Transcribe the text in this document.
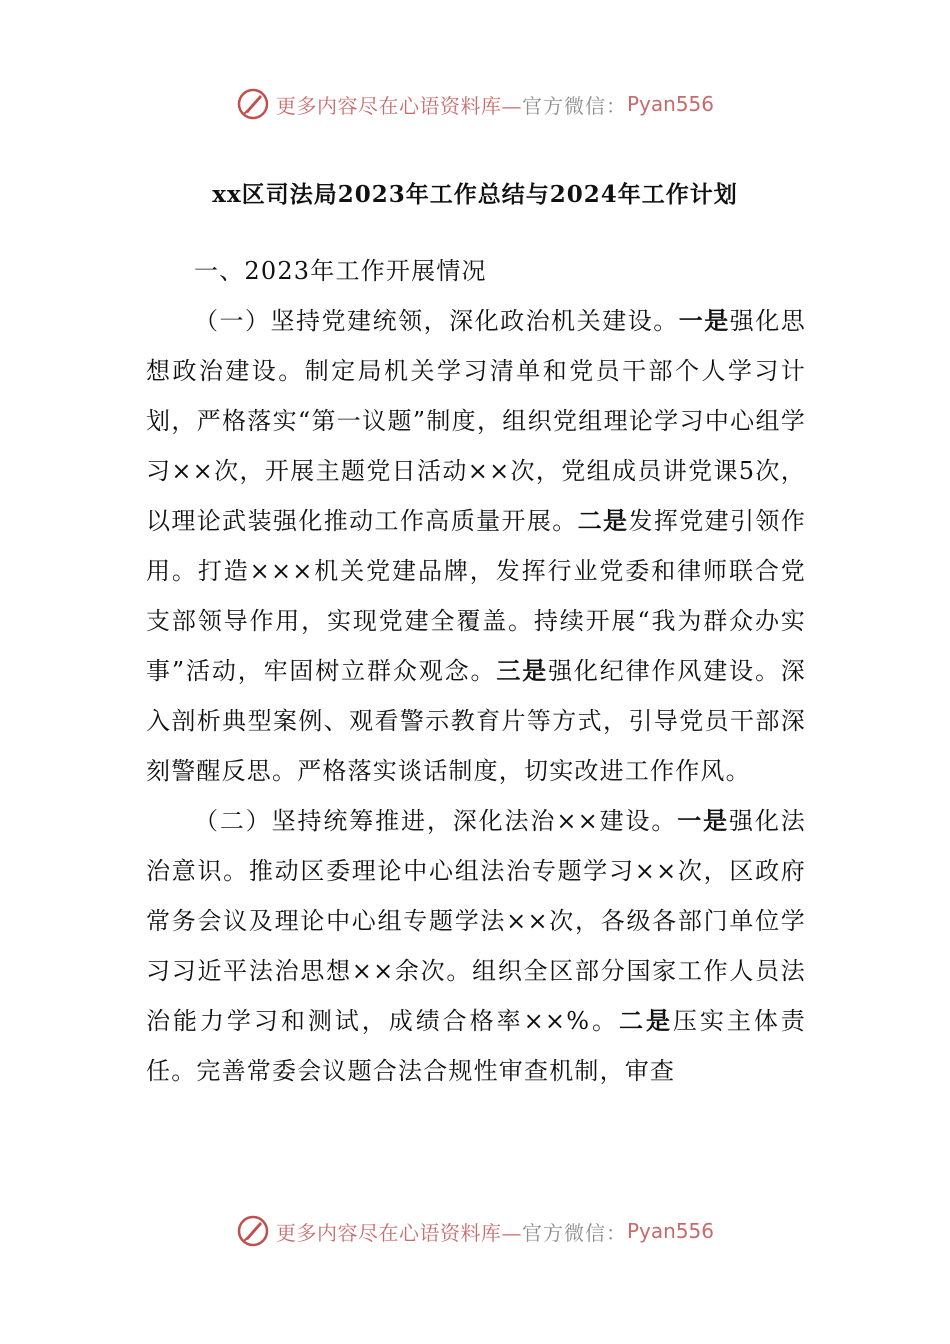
更多内容尽在心语资料库— 官方微信： Pyan556
xx区司法局2023年工作总结与2024年工作计划

一、2023年工作开展情况

（一）坚持党建统领，深化政治机关建设。一是强化思想政治建设。制定局机关学习清单和党员干部个人学习计划，严格落实“第一议题”制度，组织党组理论学习中心组学习××次，开展主题党日活动××次，党组成员讲党课5次，以理论武装强化推动工作高质量开展。二是发挥党建引领作用。打造×××机关党建品牌，发挥行业党委和律师联合党支部领导作用，实现党建全覆盖。持续开展“我为群众办实事”活动，牢固树立群众观念。三是强化纪律作风建设。深入剖析典型案例、观看警示教育片等方式，引导党员干部深刻警醒反思。严格落实谈话制度，切实改进工作作风。

（二）坚持统筹推进，深化法治××建设。一是强化法治意识。推动区委理论中心组法治专题学习××次，区政府常务会议及理论中心组专题学法××次，各级各部门单位学习习近平法治思想××余次。组织全区部分国家工作人员法治能力学习和测试，成绩合格率××%。二是压实主体责任。完善常委会议题合法合规性审查机制，审查

更多内容尽在心语资料库— 官方微信： Pyan556
